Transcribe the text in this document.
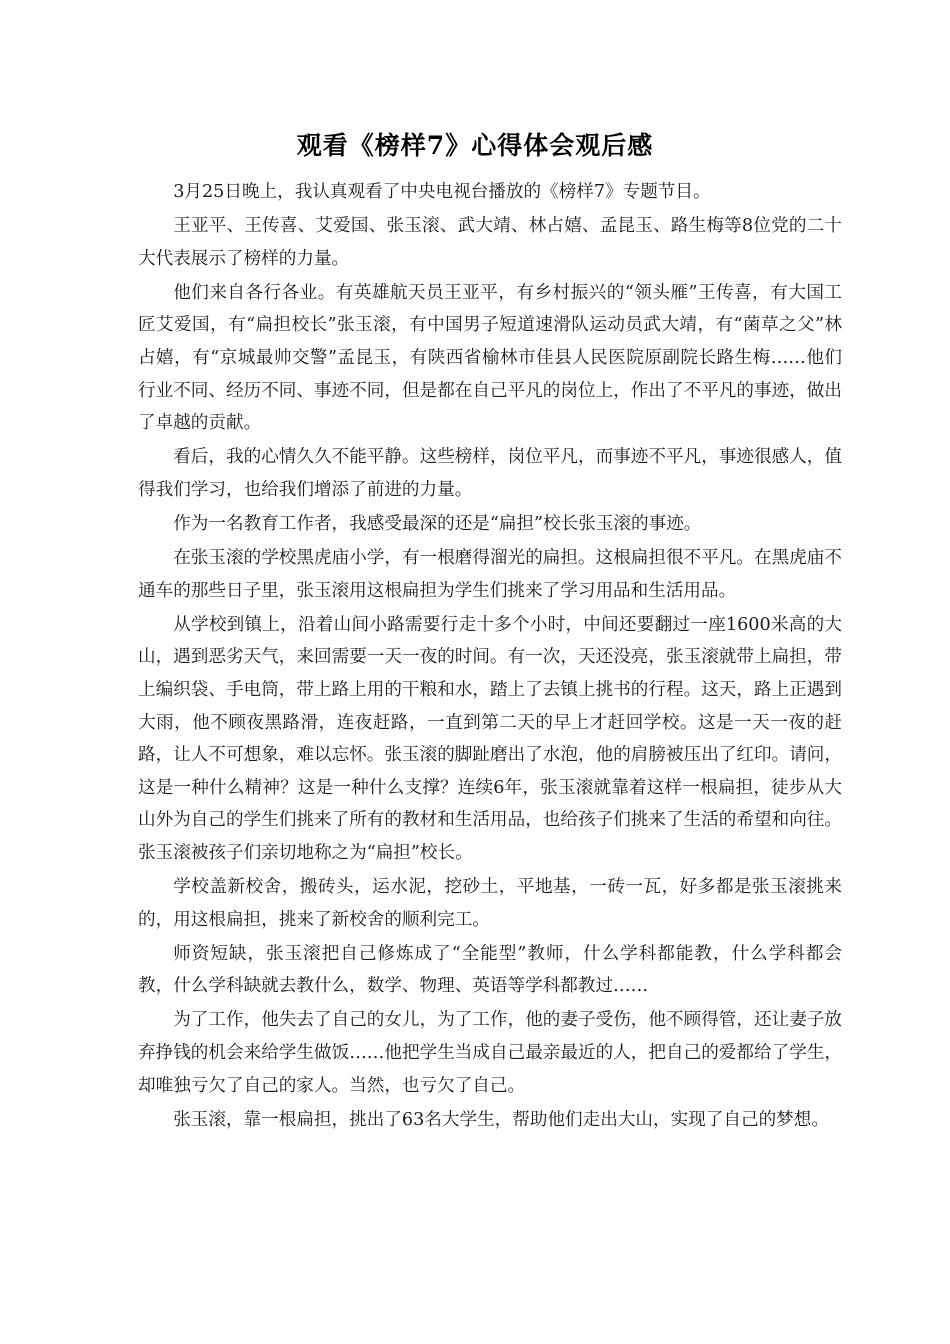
观看《榜样7》心得体会观后感

3月25日晚上，我认真观看了中央电视台播放的《榜样7》专题节目。

王亚平、王传喜、艾爱国、张玉滚、武大靖、林占嬉、孟昆玉、路生梅等8位党的二十大代表展示了榜样的力量。

他们来自各行各业。有英雄航天员王亚平，有乡村振兴的“领头雁”王传喜，有大国工匠艾爱国，有“扁担校长”张玉滚，有中国男子短道速滑队运动员武大靖，有“菌草之父”林占嬉，有“京城最帅交警”孟昆玉，有陕西省榆林市佳县人民医院原副院长路生梅……他们行业不同、经历不同、事迹不同，但是都在自己平凡的岗位上，作出了不平凡的事迹，做出了卓越的贡献。

看后，我的心情久久不能平静。这些榜样，岗位平凡，而事迹不平凡，事迹很感人，值得我们学习，也给我们增添了前进的力量。

作为一名教育工作者，我感受最深的还是“扁担”校长张玉滚的事迹。

在张玉滚的学校黑虎庙小学，有一根磨得溜光的扁担。这根扁担很不平凡。在黑虎庙不通车的那些日子里，张玉滚用这根扁担为学生们挑来了学习用品和生活用品。

从学校到镇上，沿着山间小路需要行走十多个小时，中间还要翻过一座1600米高的大山，遇到恶劣天气，来回需要一天一夜的时间。有一次，天还没亮，张玉滚就带上扁担，带上编织袋、手电筒，带上路上用的干粮和水，踏上了去镇上挑书的行程。这天，路上正遇到大雨，他不顾夜黑路滑，连夜赶路，一直到第二天的早上才赶回学校。这是一天一夜的赶路，让人不可想象，难以忘怀。张玉滚的脚趾磨出了水泡，他的肩膀被压出了红印。请问，这是一种什么精神？这是一种什么支撑？连续6年，张玉滚就靠着这样一根扁担，徒步从大山外为自己的学生们挑来了所有的教材和生活用品，也给孩子们挑来了生活的希望和向往。张玉滚被孩子们亲切地称之为“扁担”校长。

学校盖新校舍，搬砖头，运水泥，挖砂土，平地基，一砖一瓦，好多都是张玉滚挑来的，用这根扁担，挑来了新校舍的顺利完工。

师资短缺，张玉滚把自己修炼成了“全能型”教师，什么学科都能教，什么学科都会教，什么学科缺就去教什么，数学、物理、英语等学科都教过……

为了工作，他失去了自己的女儿，为了工作，他的妻子受伤，他不顾得管，还让妻子放弃挣钱的机会来给学生做饭……他把学生当成自己最亲最近的人，把自己的爱都给了学生，却唯独亏欠了自己的家人。当然，也亏欠了自己。

张玉滚，靠一根扁担，挑出了63名大学生，帮助他们走出大山，实现了自己的梦想。
